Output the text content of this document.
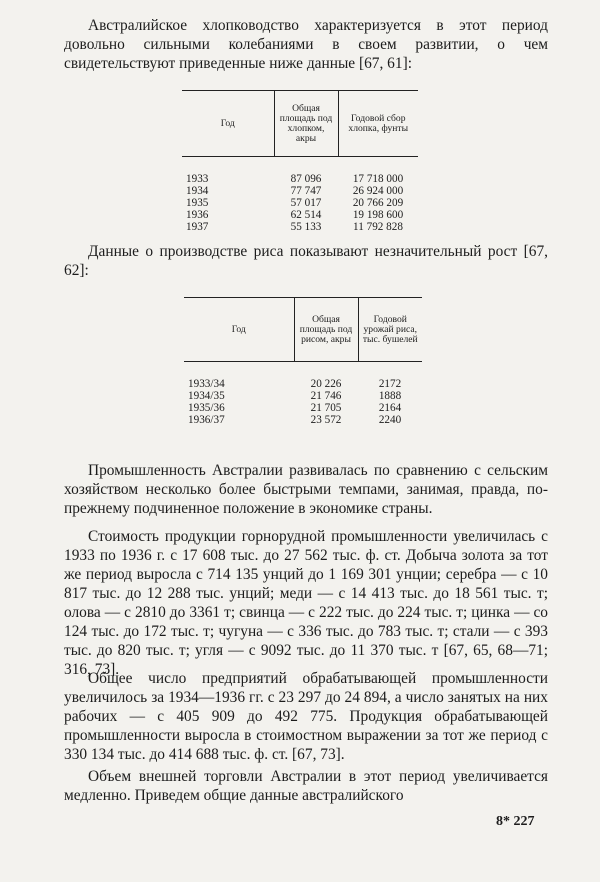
Австралийское хлопководство характеризуется в этот период довольно сильными колебаниями в своем развитии, о чем свидетельствуют приведенные ниже данные [67, 61]:

Год	Общая площадь под хлопком, акры	Годовой сбор хлопка, фунты
1933	87 096	17 718 000
1934	77 747	26 924 000
1935	57 017	20 766 209
1936	62 514	19 198 600
1937	55 133	11 792 828

Данные о производстве риса показывают незначительный рост [67, 62]:

Год	Общая площадь под рисом, акры	Годовой урожай риса, тыс. бушелей
1933/34	20 226	2172
1934/35	21 746	1888
1935/36	21 705	2164
1936/37	23 572	2240

Промышленность Австралии развивалась по сравнению с сельским хозяйством несколько более быстрыми темпами, занимая, правда, по-прежнему подчиненное положение в экономике страны.

Стоимость продукции горнорудной промышленности увеличилась с 1933 по 1936 г. с 17 608 тыс. до 27 562 тыс. ф. ст. Добыча золота за тот же период выросла с 714 135 унций до 1 169 301 унции; серебра — с 10 817 тыс. до 12 288 тыс. унций; меди — с 14 413 тыс. до 18 561 тыс. т; олова — с 2810 до 3361 т; свинца — с 222 тыс. до 224 тыс. т; цинка — со 124 тыс. до 172 тыс. т; чугуна — с 336 тыс. до 783 тыс. т; стали — с 393 тыс. до 820 тыс. т; угля — с 9092 тыс. до 11 370 тыс. т [67, 65, 68—71; 316, 73].

Общее число предприятий обрабатывающей промышленности увеличилось за 1934—1936 гг. с 23 297 до 24 894, а число занятых на них рабочих — с 405 909 до 492 775. Продукция обрабатывающей промышленности выросла в стоимостном выражении за тот же период с 330 134 тыс. до 414 688 тыс. ф. ст. [67, 73].

Объем внешней торговли Австралии в этот период увеличивается медленно. Приведем общие данные австралийского

8* 227
